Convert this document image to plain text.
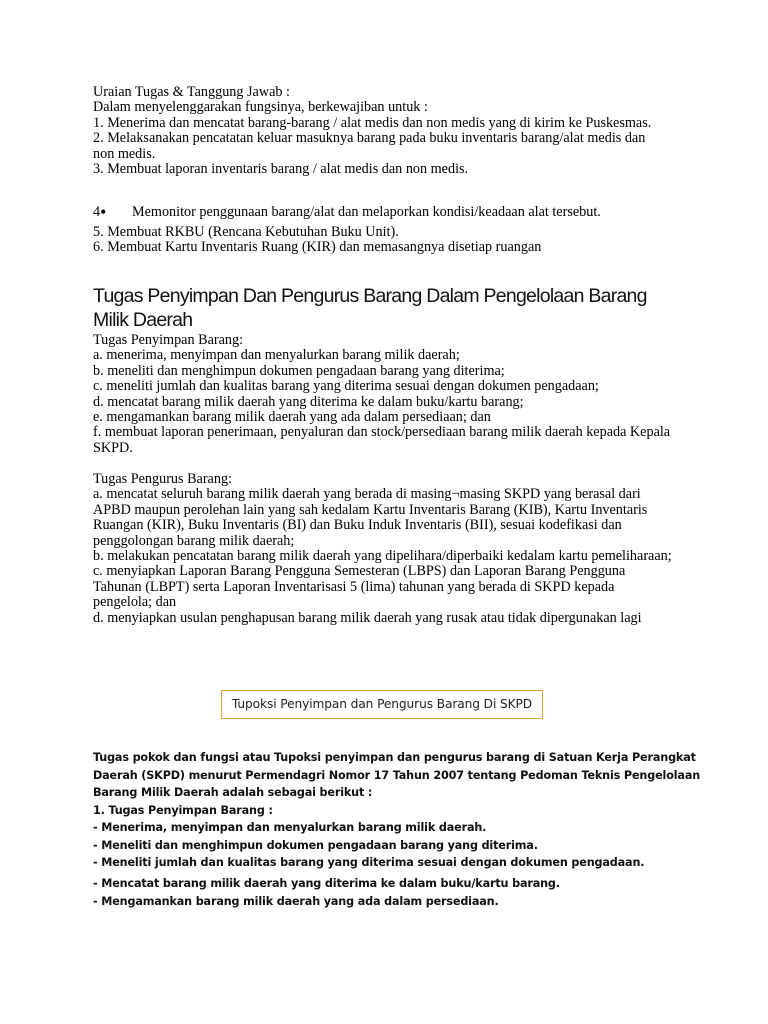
Uraian Tugas & Tanggung Jawab :
Dalam menyelenggarakan fungsinya, berkewajiban untuk :
1. Menerima dan mencatat barang-barang / alat medis dan non medis yang di kirim ke Puskesmas.
2. Melaksanakan pencatatan keluar masuknya barang pada buku inventaris barang/alat medis dan
non medis.
3. Membuat laporan inventaris barang / alat medis dan non medis.
4• Memonitor penggunaan barang/alat dan melaporkan kondisi/keadaan alat tersebut.
5. Membuat RKBU (Rencana Kebutuhan Buku Unit).
6. Membuat Kartu Inventaris Ruang (KIR) dan memasangnya disetiap ruangan
Tugas Penyimpan Dan Pengurus Barang Dalam Pengelolaan Barang
Milik Daerah
Tugas Penyimpan Barang:
a. menerima, menyimpan dan menyalurkan barang milik daerah;
b. meneliti dan menghimpun dokumen pengadaan barang yang diterima;
c. meneliti jumlah dan kualitas barang yang diterima sesuai dengan dokumen pengadaan;
d. mencatat barang milik daerah yang diterima ke dalam buku/kartu barang;
e. mengamankan barang milik daerah yang ada dalam persediaan; dan
f. membuat laporan penerimaan, penyaluran dan stock/persediaan barang milik daerah kepada Kepala
SKPD.
Tugas Pengurus Barang:
a. mencatat seluruh barang milik daerah yang berada di masing¬masing SKPD yang berasal dari
APBD maupun perolehan lain yang sah kedalam Kartu Inventaris Barang (KIB), Kartu Inventaris
Ruangan (KIR), Buku Inventaris (BI) dan Buku Induk Inventaris (BII), sesuai kodefikasi dan
penggolongan barang milik daerah;
b. melakukan pencatatan barang milik daerah yang dipelihara/diperbaiki kedalam kartu pemeliharaan;
c. menyiapkan Laporan Barang Pengguna Semesteran (LBPS) dan Laporan Barang Pengguna
Tahunan (LBPT) serta Laporan Inventarisasi 5 (lima) tahunan yang berada di SKPD kepada
pengelola; dan
d. menyiapkan usulan penghapusan barang milik daerah yang rusak atau tidak dipergunakan lagi
Tupoksi Penyimpan dan Pengurus Barang Di SKPD
Tugas pokok dan fungsi atau Tupoksi penyimpan dan pengurus barang di Satuan Kerja Perangkat
Daerah (SKPD) menurut Permendagri Nomor 17 Tahun 2007 tentang Pedoman Teknis Pengelolaan
Barang Milik Daerah adalah sebagai berikut :
1. Tugas Penyimpan Barang :
- Menerima, menyimpan dan menyalurkan barang milik daerah.
- Meneliti dan menghimpun dokumen pengadaan barang yang diterima.
- Meneliti jumlah dan kualitas barang yang diterima sesuai dengan dokumen pengadaan.
- Mencatat barang milik daerah yang diterima ke dalam buku/kartu barang.
- Mengamankan barang milik daerah yang ada dalam persediaan.
